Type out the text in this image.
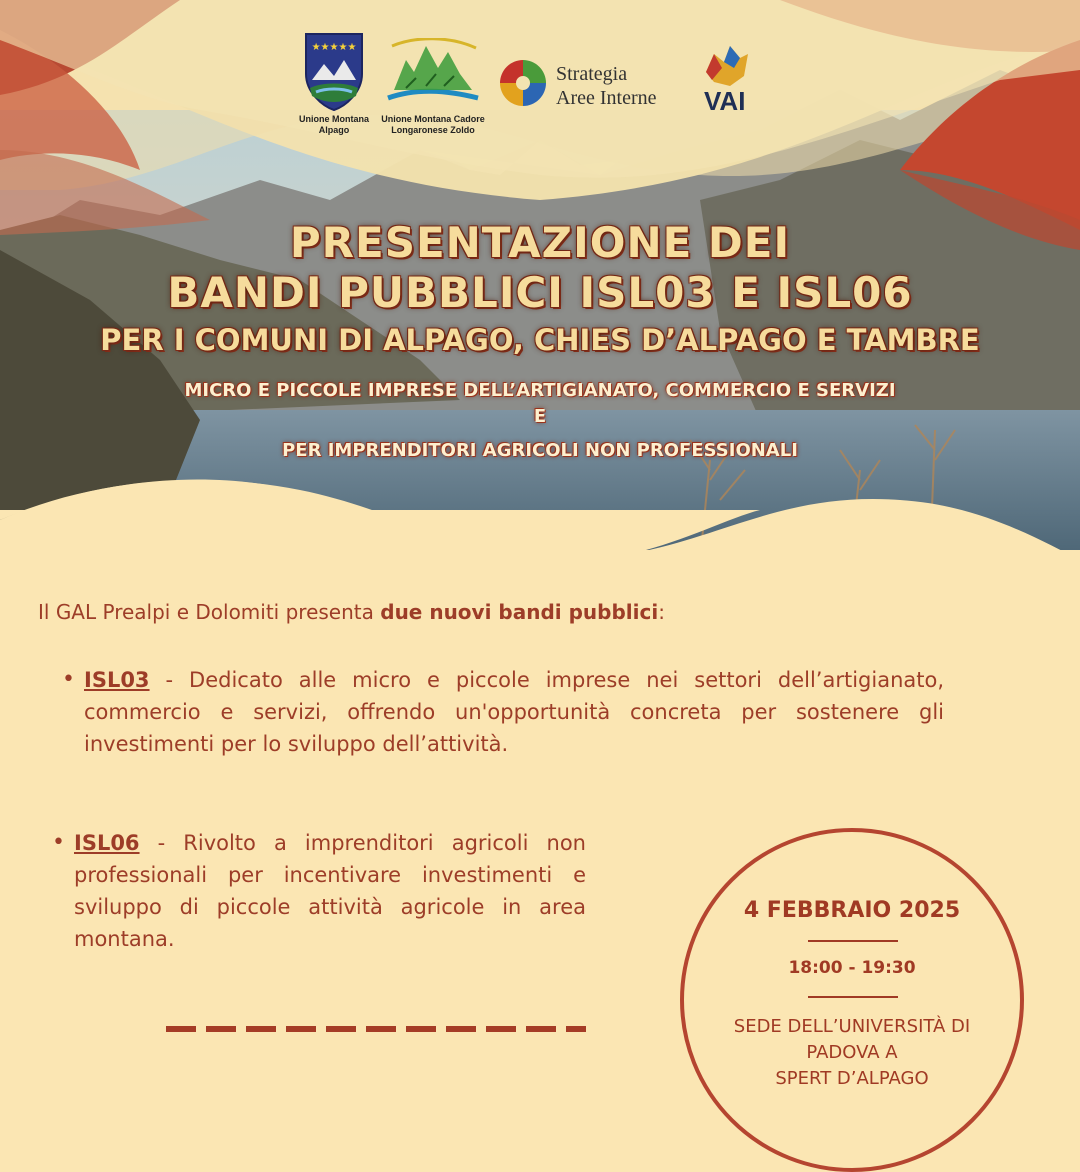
★★★★★
Unione Montana
Alpago
Unione Montana Cadore
Longaronese Zoldo
Strategia
Aree Interne VAI
PRESENTAZIONE DEI
BANDI PUBBLICI ISL03 E ISL06
PER I COMUNI DI ALPAGO, CHIES D’ALPAGO E TAMBRE
MICRO E PICCOLE IMPRESE DELL’ARTIGIANATO, COMMERCIO E SERVIZI
E
PER IMPRENDITORI AGRICOLI NON PROFESSIONALI
Il GAL Prealpi e Dolomiti presenta due nuovi bandi pubblici:
• ISL03 - Dedicato alle micro e piccole imprese nei settori dell’artigianato, commercio e servizi, offrendo un'opportunità concreta per sostenere gli investimenti per lo sviluppo dell’attività.
• ISL06 - Rivolto a imprenditori agricoli non professionali per incentivare investimenti e sviluppo di piccole attività agricole in area montana.
4 FEBBRAIO 2025
18:00 - 19:30
SEDE DELL’UNIVERSITÀ DI
PADOVA A
SPERT D’ALPAGO
